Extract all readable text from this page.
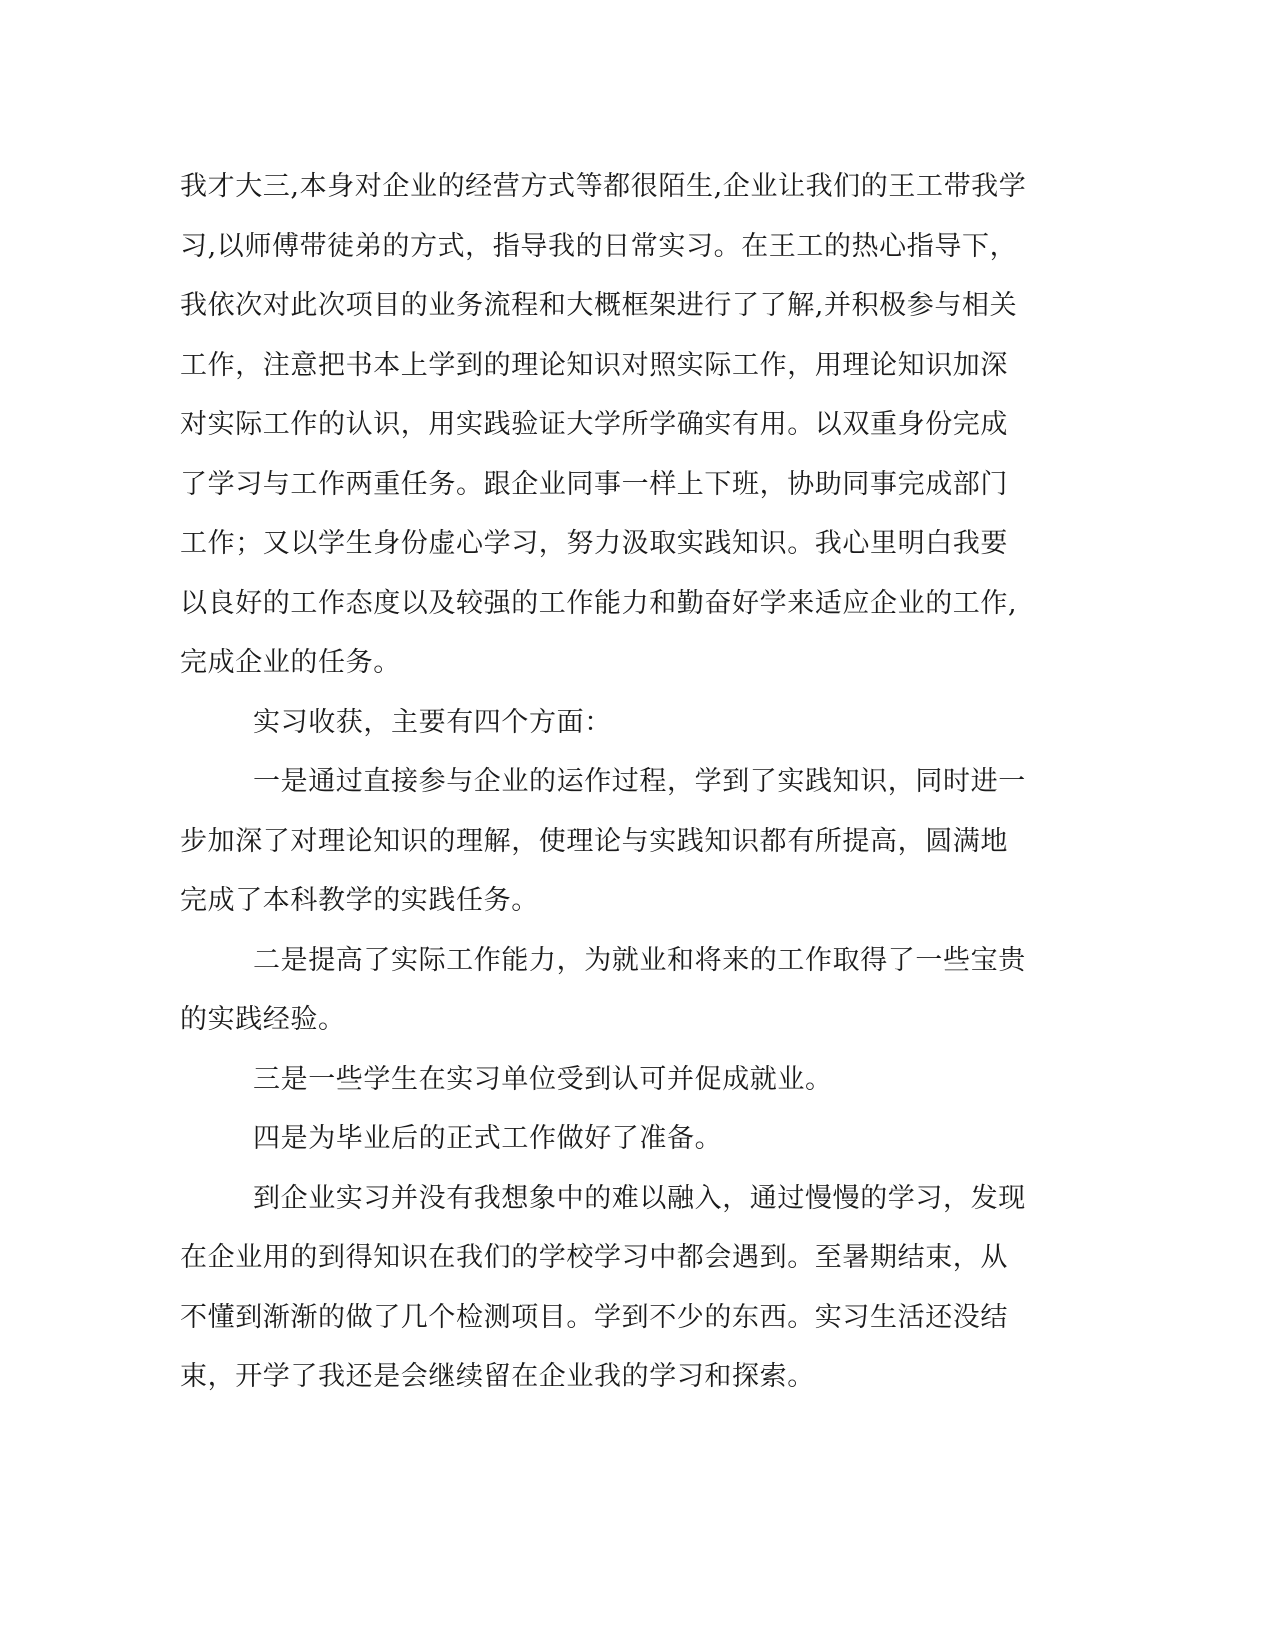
我才大三,本身对企业的经营方式等都很陌生,企业让我们的王工带我学
习,以师傅带徒弟的方式，指导我的日常实习。在王工的热心指导下，
我依次对此次项目的业务流程和大概框架进行了了解,并积极参与相关
工作，注意把书本上学到的理论知识对照实际工作，用理论知识加深
对实际工作的认识，用实践验证大学所学确实有用。以双重身份完成
了学习与工作两重任务。跟企业同事一样上下班，协助同事完成部门
工作；又以学生身份虚心学习，努力汲取实践知识。我心里明白我要
以良好的工作态度以及较强的工作能力和勤奋好学来适应企业的工作,
完成企业的任务。
实习收获，主要有四个方面：
一是通过直接参与企业的运作过程，学到了实践知识，同时进一
步加深了对理论知识的理解，使理论与实践知识都有所提高，圆满地
完成了本科教学的实践任务。
二是提高了实际工作能力，为就业和将来的工作取得了一些宝贵
的实践经验。
三是一些学生在实习单位受到认可并促成就业。
四是为毕业后的正式工作做好了准备。
到企业实习并没有我想象中的难以融入，通过慢慢的学习，发现
在企业用的到得知识在我们的学校学习中都会遇到。至暑期结束，从
不懂到渐渐的做了几个检测项目。学到不少的东西。实习生活还没结
束，开学了我还是会继续留在企业我的学习和探索。
